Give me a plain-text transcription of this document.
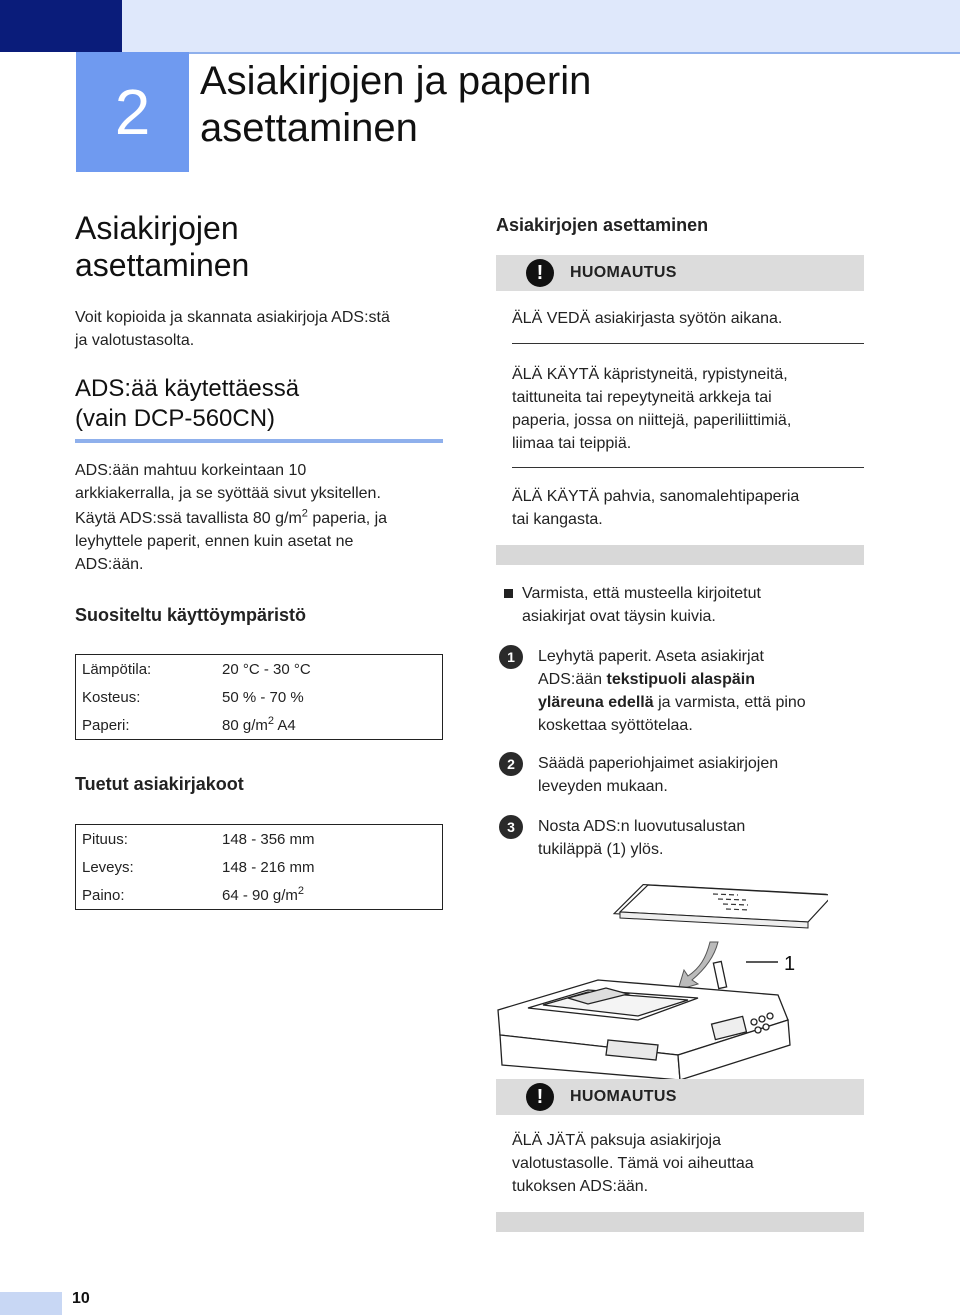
2	Asiakirjojen ja paperin
asettaminen
Asiakirjojen
asettaminen
Voit kopioida ja skannata asiakirjoja ADS:stä
ja valotustasolta.
ADS:ää käytettäessä
(vain DCP-560CN)
ADS:ään mahtuu korkeintaan 10
arkkiakerralla, ja se syöttää sivut yksitellen.
Käytä ADS:ssä tavallista 80 $g/m^2$ paperia, ja
leyhyttele paperit, ennen kuin asetat ne
ADS:ään.
Suositeltu käyttöympäristö
Lämpötila:	20 °C - 30 °C
Kosteus:	50 % - 70 %
Paperi:	80 $g/m^2$ A4
Tuetut asiakirjakoot
Pituus:	148 - 356 mm
Leveys:	148 - 216 mm
Paino:	64 - 90 $g/m^2$
Asiakirjojen asettaminen
!	HUOMAUTUS
ÄLÄ VEDÄ asiakirjasta syötön aikana.
ÄLÄ KÄYTÄ käpristyneitä, rypistyneitä,
taittuneita tai repeytyneitä arkkeja tai
paperia, jossa on niittejä, paperiliittimiä,
liimaa tai teippiä.
ÄLÄ KÄYTÄ pahvia, sanomalehtipaperia
tai kangasta.
Varmista, että musteella kirjoitetut
asiakirjat ovat täysin kuivia.
1	Leyhytä paperit. Aseta asiakirjat
ADS:ään tekstipuoli alaspäin
yläreuna edellä ja varmista, että pino
koskettaa syöttötelaa.
2	Säädä paperiohjaimet asiakirjojen
leveyden mukaan.
3	Nosta ADS:n luovutusalustan
tukiläppä (1) ylös.
1
!	HUOMAUTUS
ÄLÄ JÄTÄ paksuja asiakirjoja
valotustasolle. Tämä voi aiheuttaa
tukoksen ADS:ään.
10
